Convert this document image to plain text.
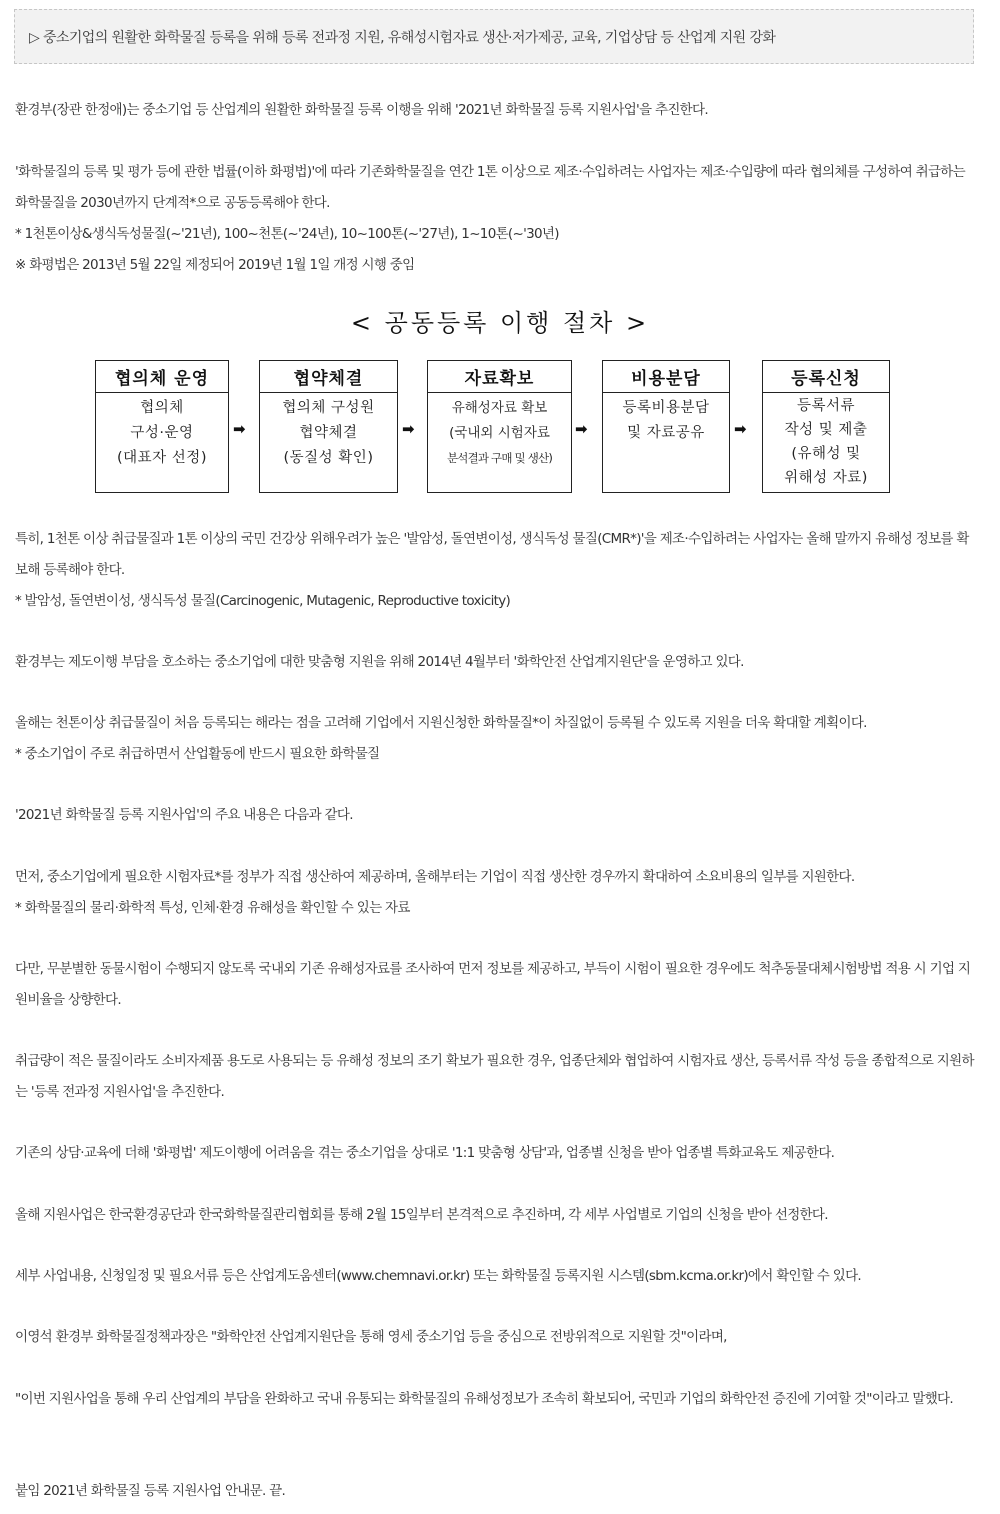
▷ 중소기업의 원활한 화학물질 등록을 위해 등록 전과정 지원, 유해성시험자료 생산·저가제공, 교육, 기업상담 등 산업계 지원 강화

환경부(장관 한정애)는 중소기업 등 산업계의 원활한 화학물질 등록 이행을 위해 '2021년 화학물질 등록 지원사업'을 추진한다.

'화학물질의 등록 및 평가 등에 관한 법률(이하 화평법)'에 따라 기존화학물질을 연간 1톤 이상으로 제조·수입하려는 사업자는 제조·수입량에 따라 협의체를 구성하여 취급하는 화학물질을 2030년까지 단계적*으로 공동등록해야 한다.

* 1천톤이상&생식독성물질(~'21년), 100~천톤(~'24년), 10~100톤(~'27년), 1~10톤(~'30년)

※ 화평법은 2013년 5월 22일 제정되어 2019년 1월 1일 개정 시행 중임

< 공동등록 이행 절차 >
협의체 운영
협의체
구성·운영
(대표자 선정)
➡
협약체결
협의체 구성원
협약체결
(동질성 확인)
➡
자료확보
유해성자료 확보
(국내외 시험자료
분석결과 구매 및 생산)
➡
비용분담
등록비용분담
및 자료공유	➡
등록신청
등록서류
작성 및 제출
(유해성 및
위해성 자료)

특히, 1천톤 이상 취급물질과 1톤 이상의 국민 건강상 위해우려가 높은 '발암성, 돌연변이성, 생식독성 물질(CMR*)'을 제조·수입하려는 사업자는 올해 말까지 유해성 정보를 확보해 등록해야 한다.

* 발암성, 돌연변이성, 생식독성 물질(Carcinogenic, Mutagenic, Reproductive toxicity)

환경부는 제도이행 부담을 호소하는 중소기업에 대한 맞춤형 지원을 위해 2014년 4월부터 '화학안전 산업계지원단'을 운영하고 있다.

올해는 천톤이상 취급물질이 처음 등록되는 해라는 점을 고려해 기업에서 지원신청한 화학물질*이 차질없이 등록될 수 있도록 지원을 더욱 확대할 계획이다.

* 중소기업이 주로 취급하면서 산업활동에 반드시 필요한 화학물질

'2021년 화학물질 등록 지원사업'의 주요 내용은 다음과 같다.

먼저, 중소기업에게 필요한 시험자료*를 정부가 직접 생산하여 제공하며, 올해부터는 기업이 직접 생산한 경우까지 확대하여 소요비용의 일부를 지원한다.

* 화학물질의 물리·화학적 특성, 인체·환경 유해성을 확인할 수 있는 자료

다만, 무분별한 동물시험이 수행되지 않도록 국내외 기존 유해성자료를 조사하여 먼저 정보를 제공하고, 부득이 시험이 필요한 경우에도 척추동물대체시험방법 적용 시 기업 지원비율을 상향한다.

취급량이 적은 물질이라도 소비자제품 용도로 사용되는 등 유해성 정보의 조기 확보가 필요한 경우, 업종단체와 협업하여 시험자료 생산, 등록서류 작성 등을 종합적으로 지원하는 '등록 전과정 지원사업'을 추진한다.

기존의 상담·교육에 더해 '화평법' 제도이행에 어려움을 겪는 중소기업을 상대로 '1:1 맞춤형 상담'과, 업종별 신청을 받아 업종별 특화교육도 제공한다.

올해 지원사업은 한국환경공단과 한국화학물질관리협회를 통해 2월 15일부터 본격적으로 추진하며, 각 세부 사업별로 기업의 신청을 받아 선정한다.

세부 사업내용, 신청일정 및 필요서류 등은 산업계도움센터(www.chemnavi.or.kr) 또는 화학물질 등록지원 시스템(sbm.kcma.or.kr)에서 확인할 수 있다.

이영석 환경부 화학물질정책과장은 "화학안전 산업계지원단을 통해 영세 중소기업 등을 중심으로 전방위적으로 지원할 것"이라며,

"이번 지원사업을 통해 우리 산업계의 부담을 완화하고 국내 유통되는 화학물질의 유해성정보가 조속히 확보되어, 국민과 기업의 화학안전 증진에 기여할 것"이라고 말했다.

붙임 2021년 화학물질 등록 지원사업 안내문. 끝.
